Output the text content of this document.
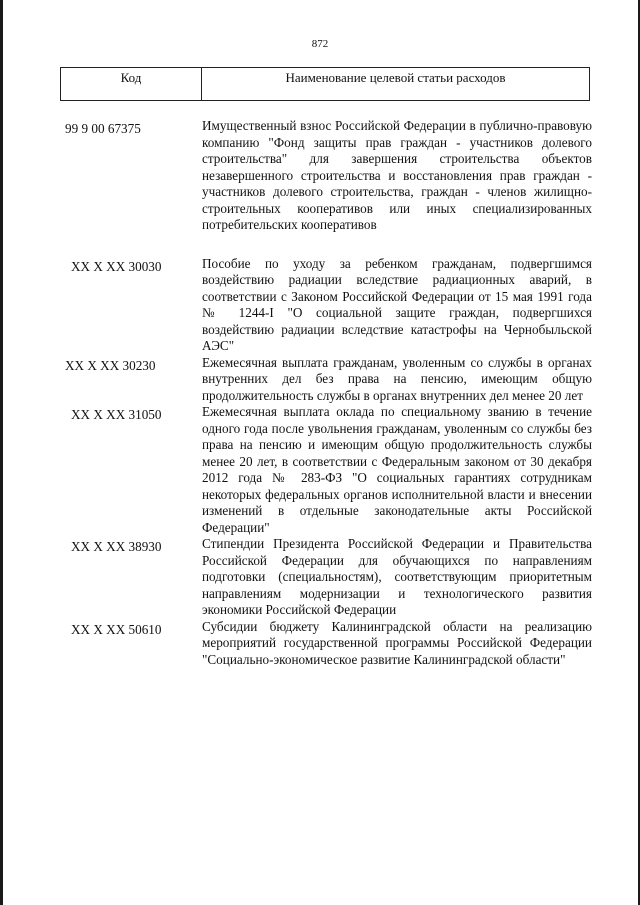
872
Код	Наименование целевой статьи расходов
99 9 00 67375	Имущественный взнос Российской Федерации в публично-правовую компанию "Фонд защиты прав граждан - участников долевого строительства" для завершения строительства объектов незавершенного строительства и восстановления прав граждан - участников долевого строительства, граждан - членов жилищно-строительных кооперативов или иных специализированных потребительских кооперативов
XX X XX 30030	Пособие по уходу за ребенком гражданам, подвергшимся воздействию радиации вследствие радиационных аварий, в соответствии с Законом Российской Федерации от 15 мая 1991 года № 1244-I "О социальной защите граждан, подвергшихся воздействию радиации вследствие катастрофы на Чернобыльской АЭС"
XX X XX 30230	Ежемесячная выплата гражданам, уволенным со службы в органах внутренних дел без права на пенсию, имеющим общую продолжительность службы в органах внутренних дел менее 20 лет
XX X XX 31050	Ежемесячная выплата оклада по специальному званию в течение одного года после увольнения гражданам, уволенным со службы без права на пенсию и имеющим общую продолжительность службы менее 20 лет, в соответствии с Федеральным законом от 30 декабря 2012 года № 283-ФЗ "О социальных гарантиях сотрудникам некоторых федеральных органов исполнительной власти и внесении изменений в отдельные законодательные акты Российской Федерации"
XX X XX 38930	Стипендии Президента Российской Федерации и Правительства Российской Федерации для обучающихся по направлениям подготовки (специальностям), соответствующим приоритетным направлениям модернизации и технологического развития экономики Российской Федерации
XX X XX 50610	Субсидии бюджету Калининградской области на реализацию мероприятий государственной программы Российской Федерации "Социально-экономическое развитие Калининградской области"
